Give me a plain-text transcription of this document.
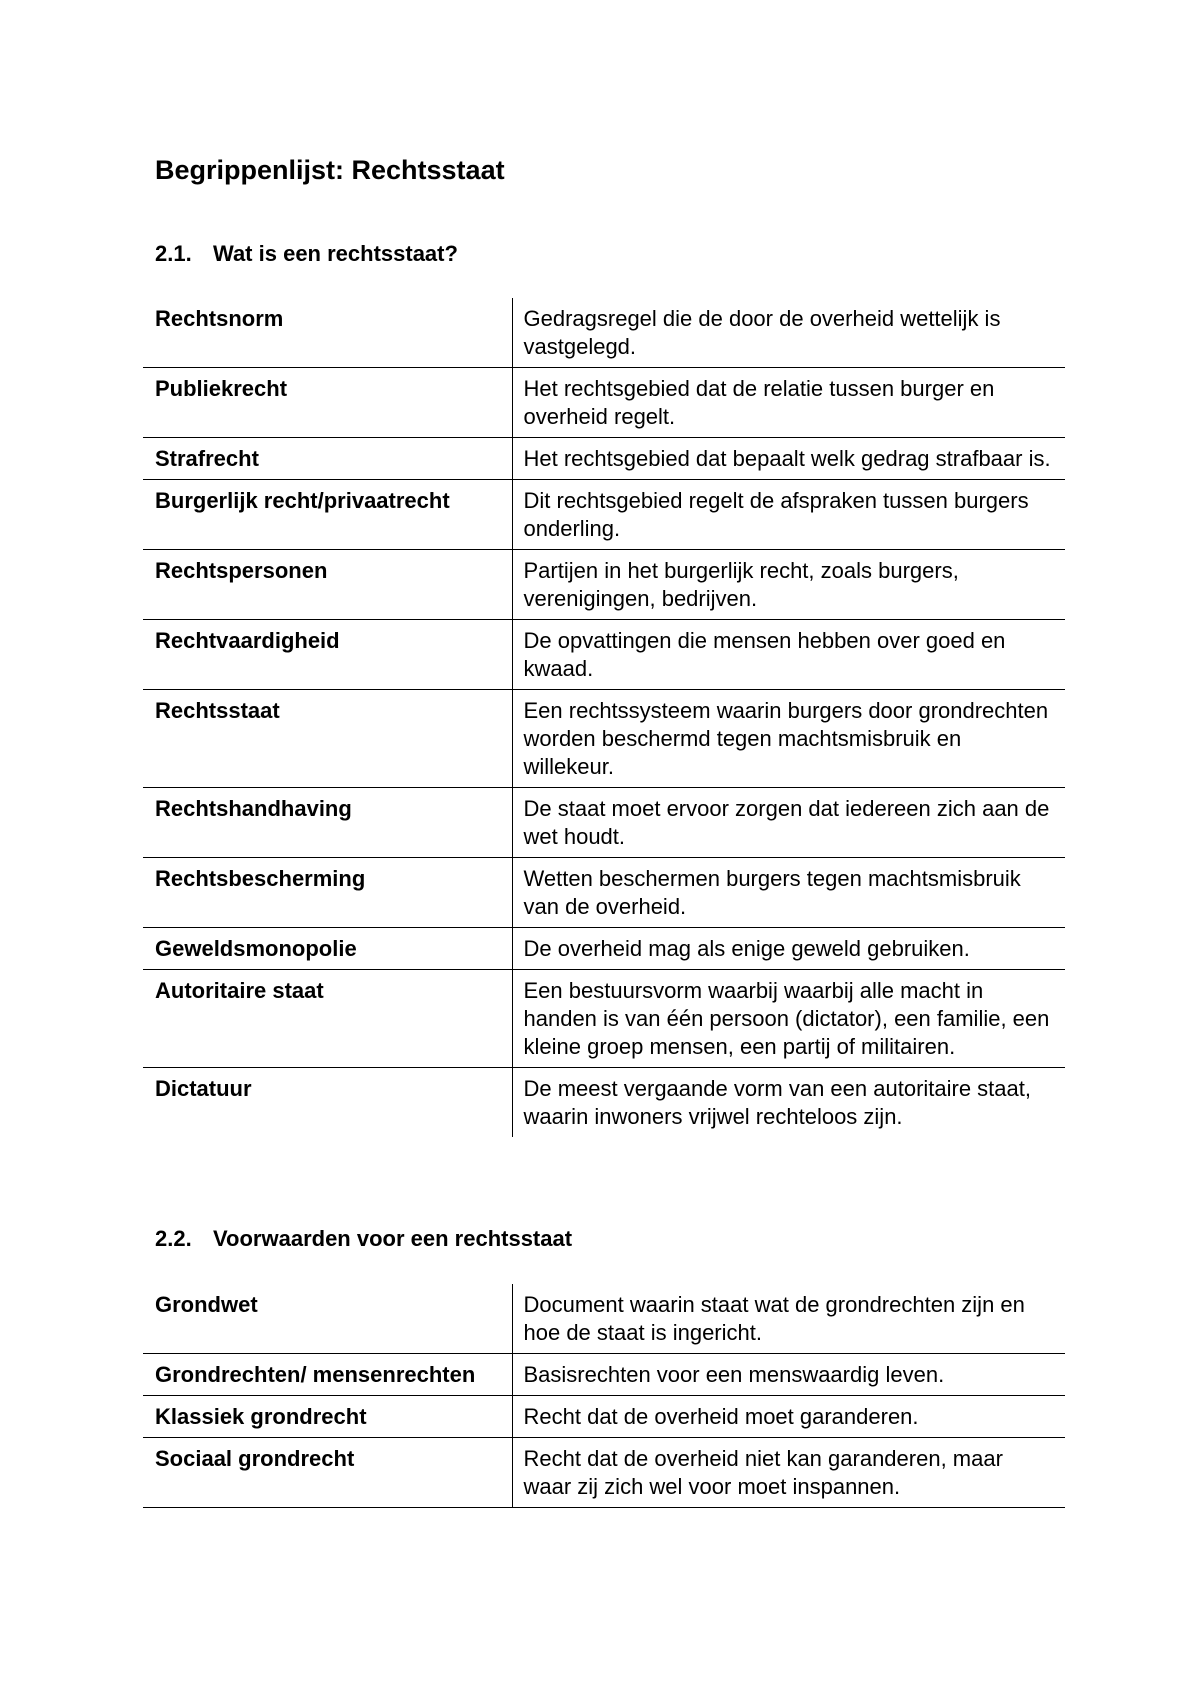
Begrippenlijst: Rechtsstaat
2.1. Wat is een rechtsstaat?
Rechtsnorm	Gedragsregel die de door de overheid wettelijk is vastgelegd.
Publiekrecht	Het rechtsgebied dat de relatie tussen burger en overheid regelt.
Strafrecht	Het rechtsgebied dat bepaalt welk gedrag strafbaar is.
Burgerlijk recht/privaatrecht	Dit rechtsgebied regelt de afspraken tussen burgers onderling.
Rechtspersonen	Partijen in het burgerlijk recht, zoals burgers, verenigingen, bedrijven.
Rechtvaardigheid	De opvattingen die mensen hebben over goed en kwaad.
Rechtsstaat	Een rechtssysteem waarin burgers door grondrechten worden beschermd tegen machtsmisbruik en willekeur.
Rechtshandhaving	De staat moet ervoor zorgen dat iedereen zich aan de wet houdt.
Rechtsbescherming	Wetten beschermen burgers tegen machtsmisbruik van de overheid.
Geweldsmonopolie	De overheid mag als enige geweld gebruiken.
Autoritaire staat	Een bestuursvorm waarbij waarbij alle macht in handen is van één persoon (dictator), een familie, een kleine groep mensen, een partij of militairen.
Dictatuur	De meest vergaande vorm van een autoritaire staat, waarin inwoners vrijwel rechteloos zijn.
2.2. Voorwaarden voor een rechtsstaat
Grondwet	Document waarin staat wat de grondrechten zijn en hoe de staat is ingericht.
Grondrechten/ mensenrechten	Basisrechten voor een menswaardig leven.
Klassiek grondrecht	Recht dat de overheid moet garanderen.
Sociaal grondrecht	Recht dat de overheid niet kan garanderen, maar waar zij zich wel voor moet inspannen.
